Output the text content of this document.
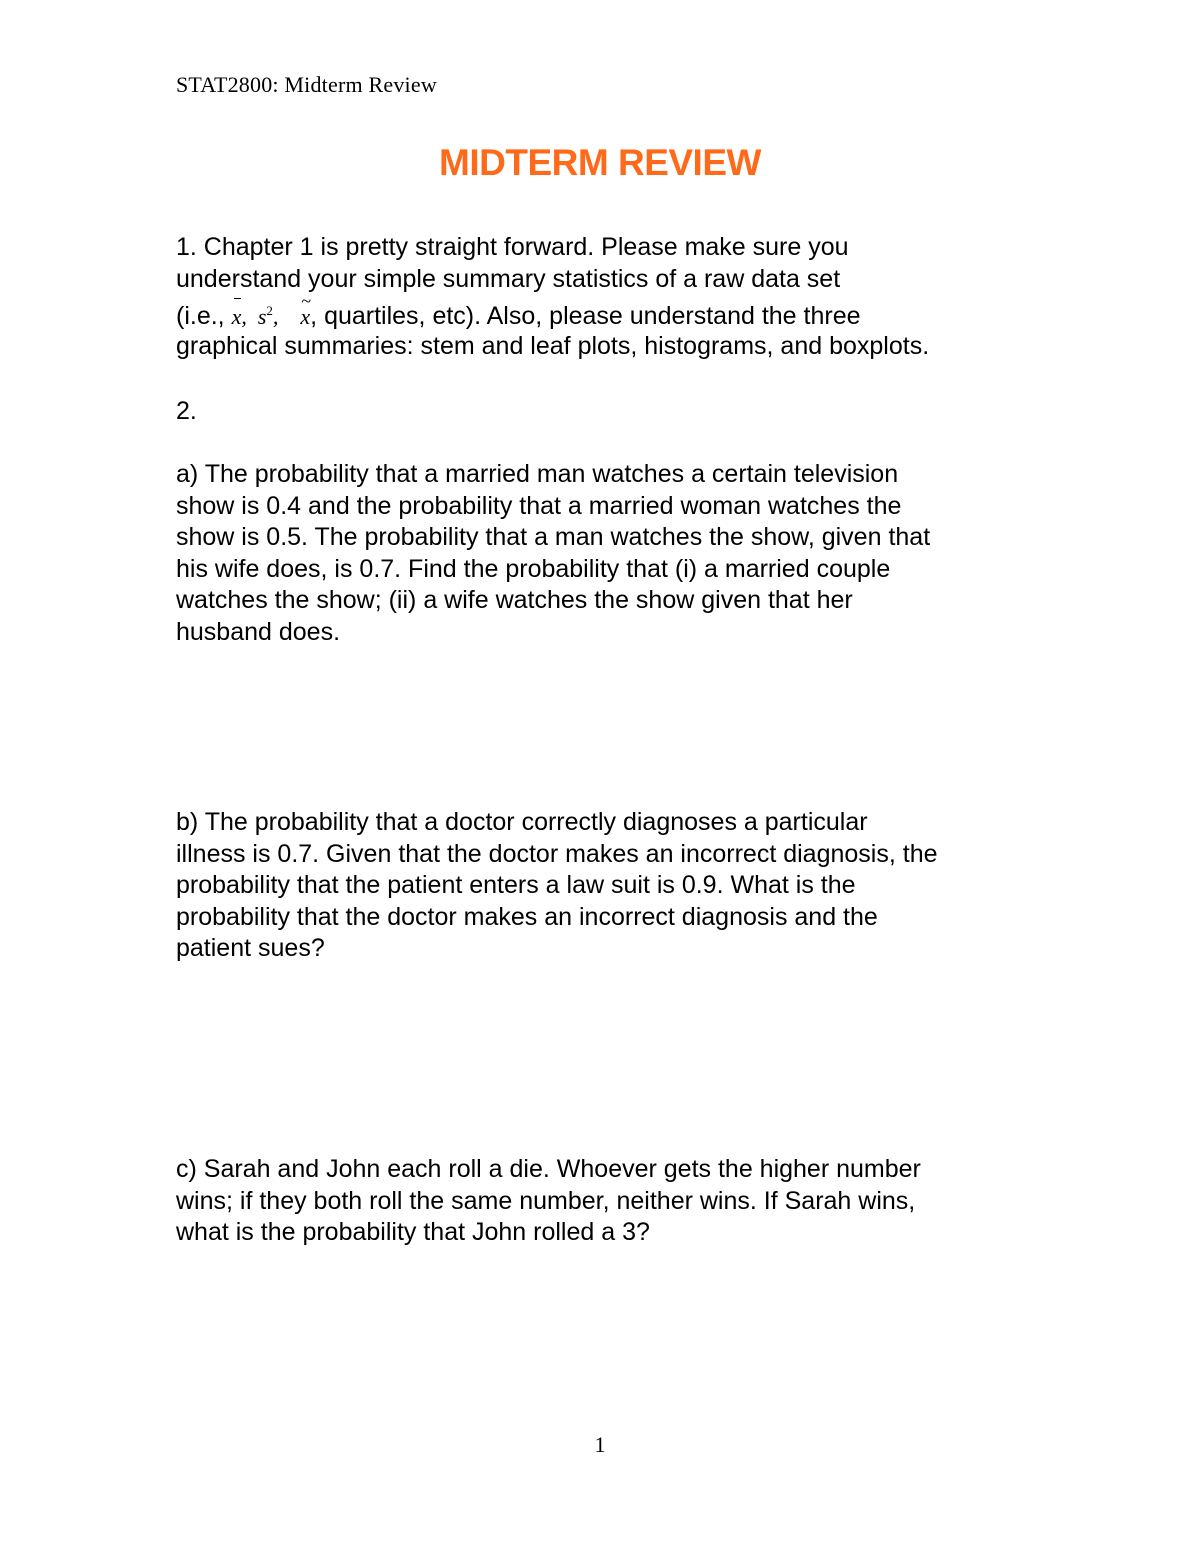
STAT2800: Midterm Review
MIDTERM REVIEW
1. Chapter 1 is pretty straight forward. Please make sure you
understand your simple summary statistics of a raw data set
(i.e., x,  $s^2$,    ~ x, quartiles, etc). Also, please understand the three
graphical summaries: stem and leaf plots, histograms, and boxplots.
2.
a) The probability that a married man watches a certain television
show is 0.4 and the probability that a married woman watches the
show is 0.5. The probability that a man watches the show, given that
his wife does, is 0.7. Find the probability that (i) a married couple
watches the show; (ii) a wife watches the show given that her
husband does.
b) The probability that a doctor correctly diagnoses a particular
illness is 0.7. Given that the doctor makes an incorrect diagnosis, the
probability that the patient enters a law suit is 0.9. What is the
probability that the doctor makes an incorrect diagnosis and the
patient sues?
c) Sarah and John each roll a die. Whoever gets the higher number
wins; if they both roll the same number, neither wins. If Sarah wins,
what is the probability that John rolled a 3?
1
